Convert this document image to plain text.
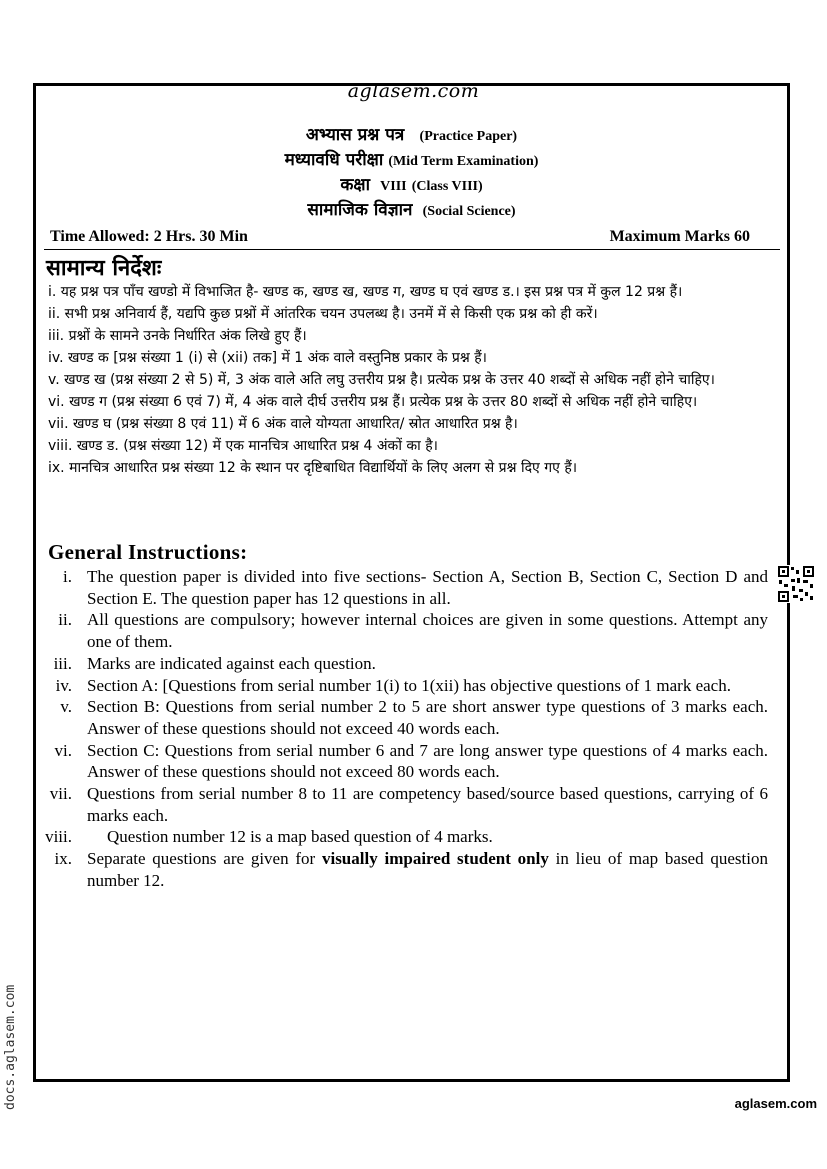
aglasem.com
अभ्यास प्रश्न पत्र (Practice Paper)
मध्यावधि परीक्षा (Mid Term Examination)
कक्षा VIII (Class VIII)
सामाजिक विज्ञान (Social Science)
Time Allowed: 2 Hrs. 30 Min	Maximum Marks 60
सामान्य निर्देशः

i. यह प्रश्न पत्र पाँच खण्डो में विभाजित है- खण्ड क, खण्ड ख, खण्ड ग, खण्ड घ एवं खण्ड ड.। इस प्रश्न पत्र में कुल 12 प्रश्न हैं।

ii. सभी प्रश्न अनिवार्य हैं, यद्यपि कुछ प्रश्नों में आंतरिक चयन उपलब्ध है। उनमें में से किसी एक प्रश्न को ही करें।

iii. प्रश्नों के सामने उनके निर्धारित अंक लिखे हुए हैं।

iv. खण्ड क [प्रश्न संख्या 1 (i) से (xii) तक] में 1 अंक वाले वस्तुनिष्ठ प्रकार के प्रश्न हैं।

v. खण्ड ख (प्रश्न संख्या 2 से 5) में, 3 अंक वाले अति लघु उत्तरीय प्रश्न है। प्रत्येक प्रश्न के उत्तर 40 शब्दों से अधिक नहीं होने चाहिए।

vi. खण्ड ग (प्रश्न संख्या 6 एवं 7) में, 4 अंक वाले दीर्घ उत्तरीय प्रश्न हैं। प्रत्येक प्रश्न के उत्तर 80 शब्दों से अधिक नहीं होने चाहिए।

vii. खण्ड घ (प्रश्न संख्या 8 एवं 11) में 6 अंक वाले योग्यता आधारित/ स्रोत आधारित प्रश्न है।

viii. खण्ड ड. (प्रश्न संख्या 12) में एक मानचित्र आधारित प्रश्न 4 अंकों का है।

ix. मानचित्र आधारित प्रश्न संख्या 12 के स्थान पर दृष्टिबाधित विद्यार्थियों के लिए अलग से प्रश्न दिए गए हैं।

General Instructions:
i. The question paper is divided into five sections- Section A, Section B, Section C, Section D and Section E. The question paper has 12 questions in all.
ii. All questions are compulsory; however internal choices are given in some questions. Attempt any one of them.
iii. Marks are indicated against each question.
iv. Section A: [Questions from serial number 1(i) to 1(xii) has objective questions of 1 mark each.
v. Section B: Questions from serial number 2 to 5 are short answer type questions of 3 marks each. Answer of these questions should not exceed 40 words each.
vi. Section C: Questions from serial number 6 and 7 are long answer type questions of 4 marks each. Answer of these questions should not exceed 80 words each.
vii. Questions from serial number 8 to 11 are competency based/source based questions, carrying of 6 marks each.
viii.	Question number 12 is a map based question of 4 marks.
ix. Separate questions are given for visually impaired student only in lieu of map based question number 12.
docs.aglasem.com	aglasem.com
